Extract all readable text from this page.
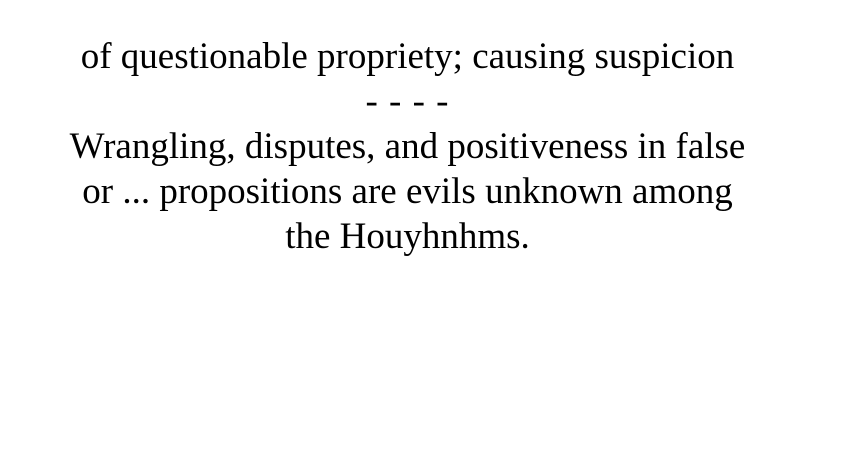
of questionable propriety; causing suspicion
- - - -
Wrangling, disputes, and positiveness in false
or ... propositions are evils unknown among
the Houyhnhms.
